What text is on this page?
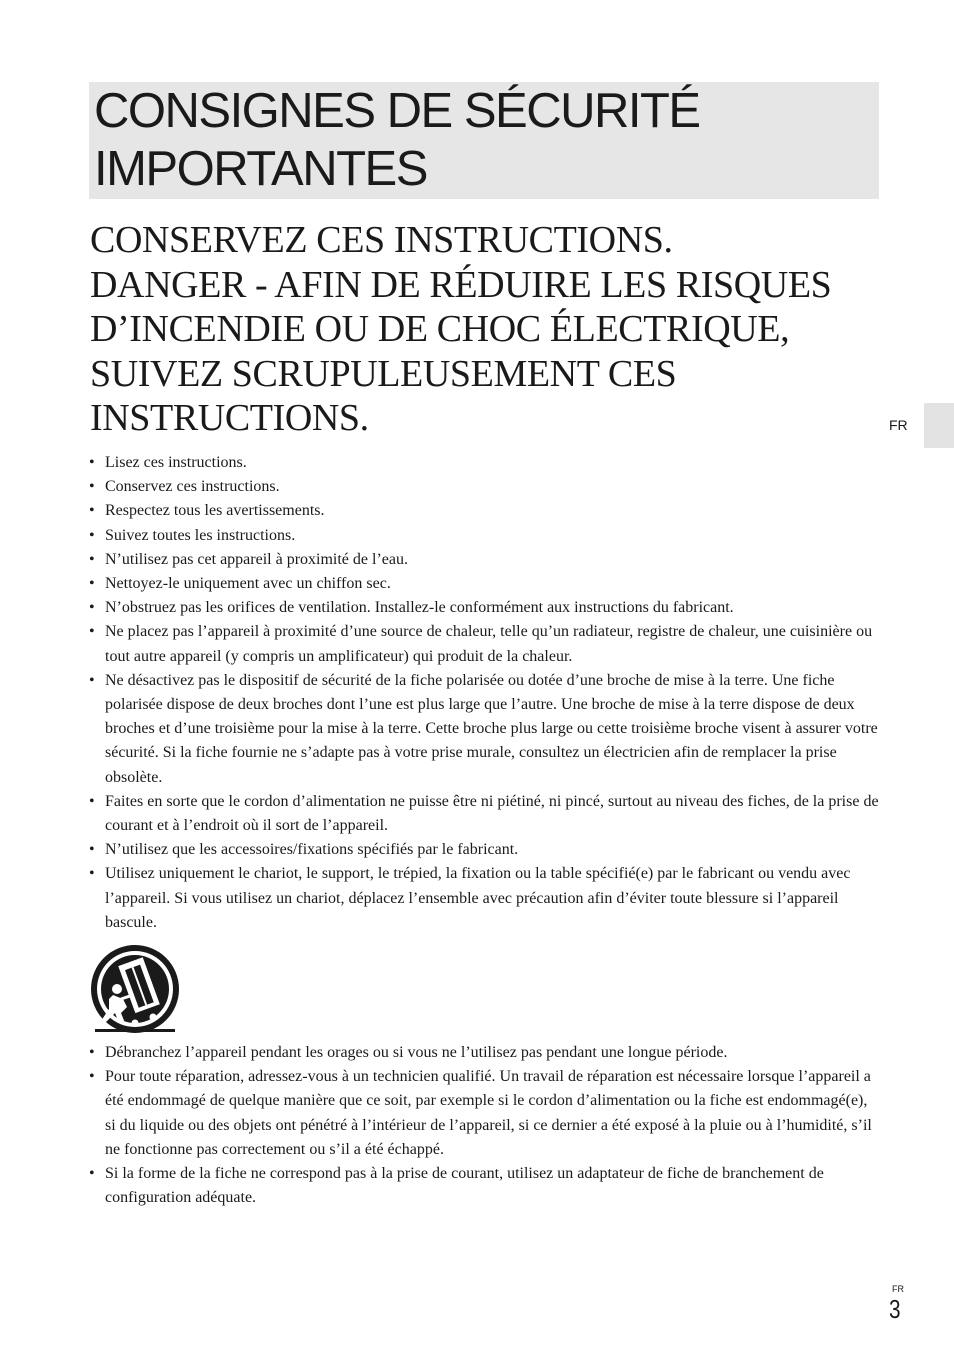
CONSIGNES DE SÉCURITÉ
IMPORTANTES
CONSERVEZ CES INSTRUCTIONS.
DANGER - AFIN DE RÉDUIRE LES RISQUES
D’INCENDIE OU DE CHOC ÉLECTRIQUE,
SUIVEZ SCRUPULEUSEMENT CES
INSTRUCTIONS.	FR
• Lisez ces instructions.
• Conservez ces instructions.
• Respectez tous les avertissements.
• Suivez toutes les instructions.
• N’utilisez pas cet appareil à proximité de l’eau.
• Nettoyez-le uniquement avec un chiffon sec.
• N’obstruez pas les orifices de ventilation. Installez-le conformément aux instructions du fabricant.
• Ne placez pas l’appareil à proximité d’une source de chaleur, telle qu’un radiateur, registre de chaleur, une cuisinière ou tout autre appareil (y compris un amplificateur) qui produit de la chaleur.
• Ne désactivez pas le dispositif de sécurité de la fiche polarisée ou dotée d’une broche de mise à la terre. Une fiche polarisée dispose de deux broches dont l’une est plus large que l’autre. Une broche de mise à la terre dispose de deux broches et d’une troisième pour la mise à la terre. Cette broche plus large ou cette troisième broche visent à assurer votre sécurité. Si la fiche fournie ne s’adapte pas à votre prise murale, consultez un électricien afin de remplacer la prise obsolète.
• Faites en sorte que le cordon d’alimentation ne puisse être ni piétiné, ni pincé, surtout au niveau des fiches, de la prise de courant et à l’endroit où il sort de l’appareil.
• N’utilisez que les accessoires/fixations spécifiés par le fabricant.
• Utilisez uniquement le chariot, le support, le trépied, la fixation ou la table spécifié(e) par le fabricant ou vendu avec l’appareil. Si vous utilisez un chariot, déplacez l’ensemble avec précaution afin d’éviter toute blessure si l’appareil bascule.
• Débranchez l’appareil pendant les orages ou si vous ne l’utilisez pas pendant une longue période.
• Pour toute réparation, adressez-vous à un technicien qualifié. Un travail de réparation est nécessaire lorsque l’appareil a été endommagé de quelque manière que ce soit, par exemple si le cordon d’alimentation ou la fiche est endommagé(e), si du liquide ou des objets ont pénétré à l’intérieur de l’appareil, si ce dernier a été exposé à la pluie ou à l’humidité, s’il ne fonctionne pas correctement ou s’il a été échappé.
• Si la forme de la fiche ne correspond pas à la prise de courant, utilisez un adaptateur de fiche de branchement de configuration adéquate.
FR
3
